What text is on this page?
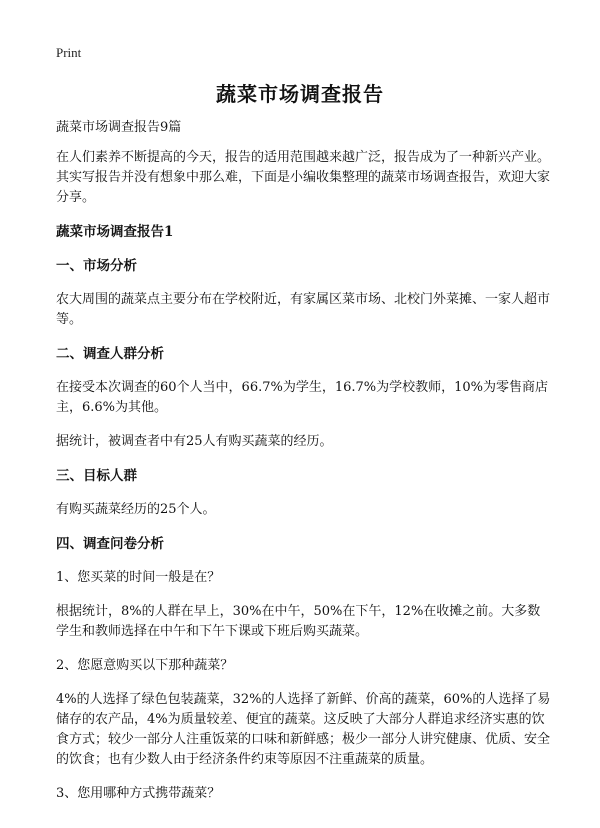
Print
蔬菜市场调查报告

蔬菜市场调查报告9篇

在人们素养不断提高的今天，报告的适用范围越来越广泛，报告成为了一种新兴产业。其实写报告并没有想象中那么难，下面是小编收集整理的蔬菜市场调查报告，欢迎大家分享。

蔬菜市场调查报告1

一、市场分析

农大周围的蔬菜点主要分布在学校附近，有家属区菜市场、北校门外菜摊、一家人超市等。

二、调查人群分析

在接受本次调查的60个人当中，66.7%为学生，16.7%为学校教师，10%为零售商店主，6.6%为其他。

据统计，被调查者中有25人有购买蔬菜的经历。

三、目标人群

有购买蔬菜经历的25个人。

四、调查问卷分析

1、您买菜的时间一般是在？

根据统计，8%的人群在早上，30%在中午，50%在下午，12%在收摊之前。大多数学生和教师选择在中午和下午下课或下班后购买蔬菜。

2、您愿意购买以下那种蔬菜？

4%的人选择了绿色包装蔬菜，32%的人选择了新鲜、价高的蔬菜，60%的人选择了易储存的农产品，4%为质量较差、便宜的蔬菜。这反映了大部分人群追求经济实惠的饮食方式；较少一部分人注重饭菜的口味和新鲜感；极少一部分人讲究健康、优质、安全的饮食；也有少数人由于经济条件约束等原因不注重蔬菜的质量。

3、您用哪种方式携带蔬菜？
